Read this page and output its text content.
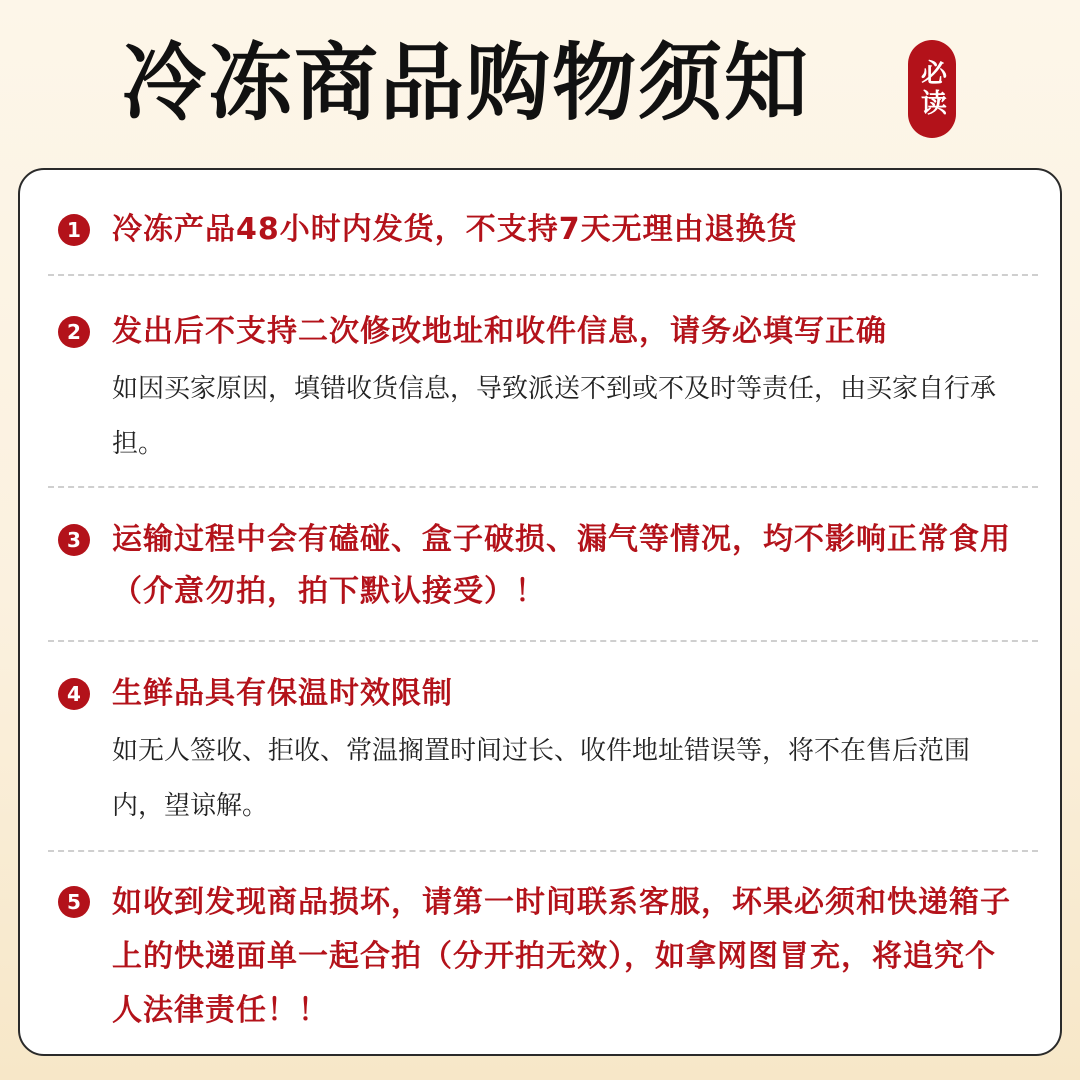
冷冻商品购物须知	必读
1	冷冻产品48小时内发货，不支持7天无理由退换货
2	发出后不支持二次修改地址和收件信息，请务必填写正确
如因买家原因，填错收货信息，导致派送不到或不及时等责任，由买家自行承担。
3	运输过程中会有磕碰、盒子破损、漏气等情况，均不影响正常食用（介意勿拍，拍下默认接受）！
4	生鲜品具有保温时效限制
如无人签收、拒收、常温搁置时间过长、收件地址错误等，将不在售后范围内，望谅解。
5	如收到发现商品损坏，请第一时间联系客服，坏果必须和快递箱子上的快递面单一起合拍（分开拍无效），如拿网图冒充，将追究个人法律责任！！
